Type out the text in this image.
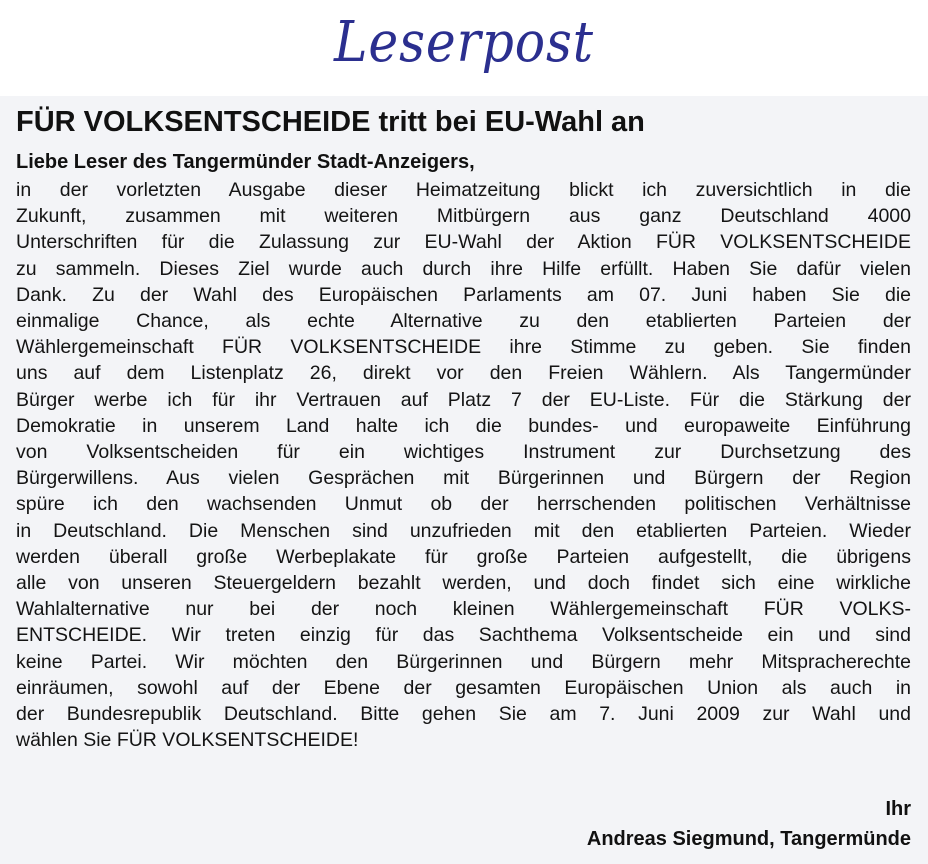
Leserpost
FÜR VOLKSENTSCHEIDE tritt bei EU-Wahl an
Liebe Leser des Tangermünder Stadt-Anzeigers,
in der vorletzten Ausgabe dieser Heimatzeitung blickt ich zuversichtlich in die
Zukunft, zusammen mit weiteren Mitbürgern aus ganz Deutschland 4000
Unterschriften für die Zulassung zur EU-Wahl der Aktion FÜR VOLKSENTSCHEIDE
zu sammeln. Dieses Ziel wurde auch durch ihre Hilfe erfüllt. Haben Sie dafür vielen
Dank. Zu der Wahl des Europäischen Parlaments am 07. Juni haben Sie die
einmalige Chance, als echte Alternative zu den etablierten Parteien der
Wählergemeinschaft FÜR VOLKSENTSCHEIDE ihre Stimme zu geben. Sie finden
uns auf dem Listenplatz 26, direkt vor den Freien Wählern. Als Tangermünder
Bürger werbe ich für ihr Vertrauen auf Platz 7 der EU-Liste. Für die Stärkung der
Demokratie in unserem Land halte ich die bundes- und europaweite Einführung
von Volksentscheiden für ein wichtiges Instrument zur Durchsetzung des
Bürgerwillens. Aus vielen Gesprächen mit Bürgerinnen und Bürgern der Region
spüre ich den wachsenden Unmut ob der herrschenden politischen Verhältnisse
in Deutschland. Die Menschen sind unzufrieden mit den etablierten Parteien. Wieder
werden überall große Werbeplakate für große Parteien aufgestellt, die übrigens
alle von unseren Steuergeldern bezahlt werden, und doch findet sich eine wirkliche
Wahlalternative nur bei der noch kleinen Wählergemeinschaft FÜR VOLKS-
ENTSCHEIDE. Wir treten einzig für das Sachthema Volksentscheide ein und sind
keine Partei. Wir möchten den Bürgerinnen und Bürgern mehr Mitspracherechte
einräumen, sowohl auf der Ebene der gesamten Europäischen Union als auch in
der Bundesrepublik Deutschland. Bitte gehen Sie am 7. Juni 2009 zur Wahl und
wählen Sie FÜR VOLKSENTSCHEIDE!
Ihr
Andreas Siegmund, Tangermünde
